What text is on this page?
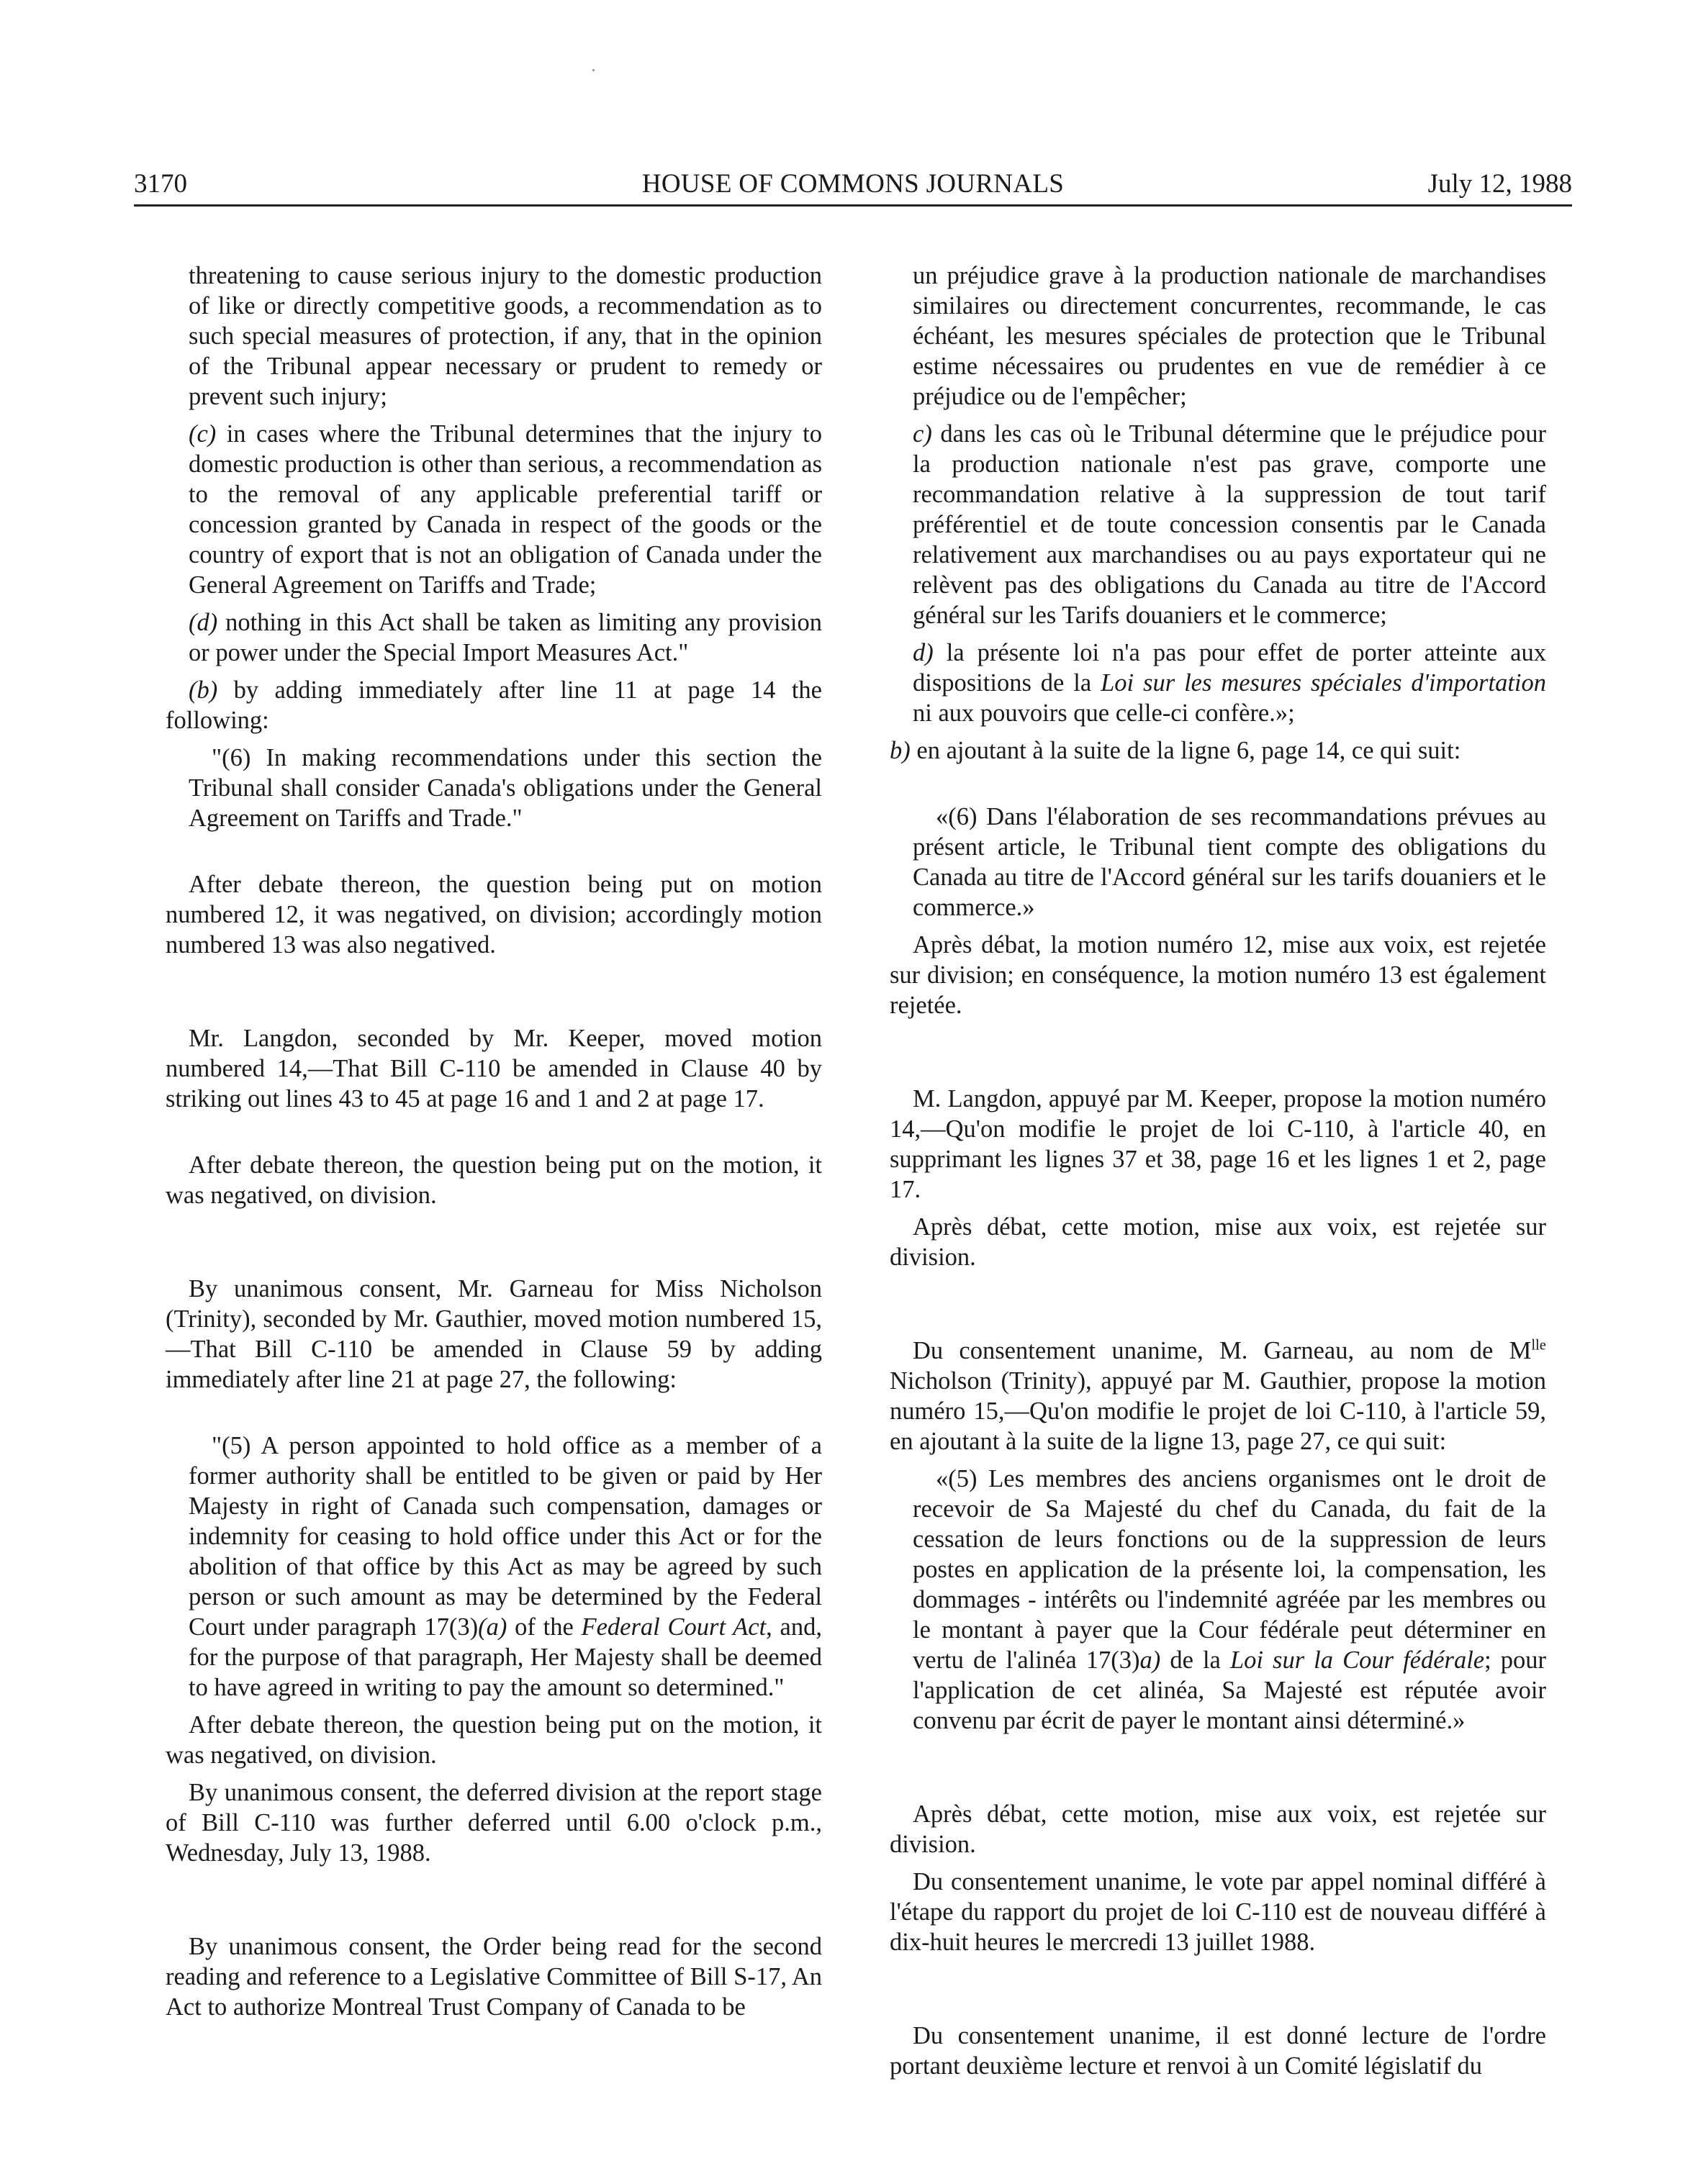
3170	HOUSE OF COMMONS JOURNALS	July 12, 1988

threatening to cause serious injury to the domestic production of like or directly competitive goods, a recommendation as to such special measures of protection, if any, that in the opinion of the Tribunal appear necessary or prudent to remedy or prevent such injury;

(c) in cases where the Tribunal determines that the injury to domestic production is other than serious, a recommendation as to the removal of any applicable preferential tariff or concession granted by Canada in respect of the goods or the country of export that is not an obligation of Canada under the General Agreement on Tariffs and Trade;

(d) nothing in this Act shall be taken as limiting any provision or power under the Special Import Measures Act."

(b) by adding immediately after line 11 at page 14 the following:

"(6) In making recommendations under this section the Tribunal shall consider Canada's obligations under the General Agreement on Tariffs and Trade."

After debate thereon, the question being put on motion numbered 12, it was negatived, on division; accordingly motion numbered 13 was also negatived.

Mr. Langdon, seconded by Mr. Keeper, moved motion numbered 14,—That Bill C-110 be amended in Clause 40 by striking out lines 43 to 45 at page 16 and 1 and 2 at page 17.

After debate thereon, the question being put on the motion, it was negatived, on division.

By unanimous consent, Mr. Garneau for Miss Nicholson (Trinity), seconded by Mr. Gauthier, moved motion numbered 15,—That Bill C-110 be amended in Clause 59 by adding immediately after line 21 at page 27, the following:

"(5) A person appointed to hold office as a member of a former authority shall be entitled to be given or paid by Her Majesty in right of Canada such compensation, damages or indemnity for ceasing to hold office under this Act or for the abolition of that office by this Act as may be agreed by such person or such amount as may be determined by the Federal Court under paragraph 17(3)(a) of the Federal Court Act, and, for the purpose of that paragraph, Her Majesty shall be deemed to have agreed in writing to pay the amount so determined."

After debate thereon, the question being put on the motion, it was negatived, on division.

By unanimous consent, the deferred division at the report stage of Bill C-110 was further deferred until 6.00 o'clock p.m., Wednesday, July 13, 1988.

By unanimous consent, the Order being read for the second reading and reference to a Legislative Committee of Bill S-17, An Act to authorize Montreal Trust Company of Canada to be

un préjudice grave à la production nationale de marchandises similaires ou directement concurrentes, recommande, le cas échéant, les mesures spéciales de protection que le Tribunal estime nécessaires ou prudentes en vue de remédier à ce préjudice ou de l'empêcher;

c) dans les cas où le Tribunal détermine que le préjudice pour la production nationale n'est pas grave, comporte une recommandation relative à la suppression de tout tarif préférentiel et de toute concession consentis par le Canada relativement aux marchandises ou au pays exportateur qui ne relèvent pas des obligations du Canada au titre de l'Accord général sur les Tarifs douaniers et le commerce;

d) la présente loi n'a pas pour effet de porter atteinte aux dispositions de la Loi sur les mesures spéciales d'importation ni aux pouvoirs que celle-ci confère.»;

b) en ajoutant à la suite de la ligne 6, page 14, ce qui suit:

«(6) Dans l'élaboration de ses recommandations prévues au présent article, le Tribunal tient compte des obligations du Canada au titre de l'Accord général sur les tarifs douaniers et le commerce.»

Après débat, la motion numéro 12, mise aux voix, est rejetée sur division; en conséquence, la motion numéro 13 est également rejetée.

M. Langdon, appuyé par M. Keeper, propose la motion numéro 14,—Qu'on modifie le projet de loi C-110, à l'article 40, en supprimant les lignes 37 et 38, page 16 et les lignes 1 et 2, page 17.

Après débat, cette motion, mise aux voix, est rejetée sur division.

Du consentement unanime, M. Garneau, au nom de $M^{lle}$ Nicholson (Trinity), appuyé par M. Gauthier, propose la motion numéro 15,—Qu'on modifie le projet de loi C-110, à l'article 59, en ajoutant à la suite de la ligne 13, page 27, ce qui suit:

«(5) Les membres des anciens organismes ont le droit de recevoir de Sa Majesté du chef du Canada, du fait de la cessation de leurs fonctions ou de la suppression de leurs postes en application de la présente loi, la compensation, les dommages - intérêts ou l'indemnité agréée par les membres ou le montant à payer que la Cour fédérale peut déterminer en vertu de l'alinéa 17(3)a) de la Loi sur la Cour fédérale; pour l'application de cet alinéa, Sa Majesté est réputée avoir convenu par écrit de payer le montant ainsi déterminé.»

Après débat, cette motion, mise aux voix, est rejetée sur division.

Du consentement unanime, le vote par appel nominal différé à l'étape du rapport du projet de loi C-110 est de nouveau différé à dix-huit heures le mercredi 13 juillet 1988.

Du consentement unanime, il est donné lecture de l'ordre portant deuxième lecture et renvoi à un Comité législatif du
